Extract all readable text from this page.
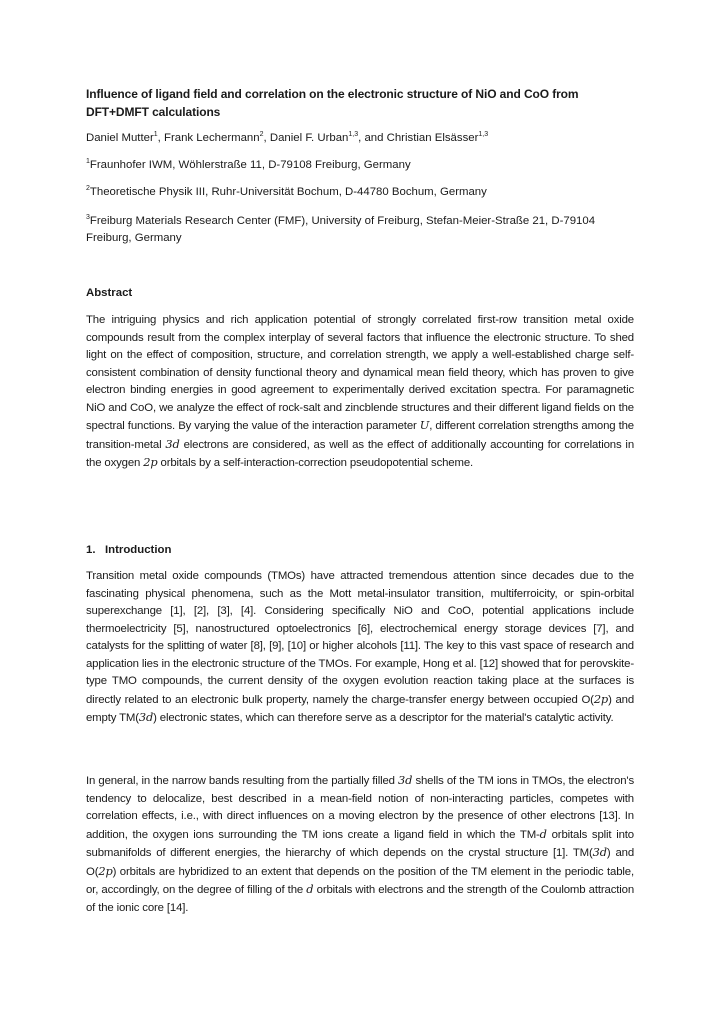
Influence of ligand field and correlation on the electronic structure of NiO and CoO from DFT+DMFT calculations
Daniel Mutter$^1$, Frank Lechermann$^2$, Daniel F. Urban$^{1,3}$, and Christian Elsässer$^{1,3}$
$^1$Fraunhofer IWM, Wöhlerstraße 11, D-79108 Freiburg, Germany
$^2$Theoretische Physik III, Ruhr-Universität Bochum, D-44780 Bochum, Germany
$^3$Freiburg Materials Research Center (FMF), University of Freiburg, Stefan-Meier-Straße 21, D-79104 Freiburg, Germany
Abstract
The intriguing physics and rich application potential of strongly correlated first-row transition metal oxide compounds result from the complex interplay of several factors that influence the electronic structure. To shed light on the effect of composition, structure, and correlation strength, we apply a well-established charge self-consistent combination of density functional theory and dynamical mean field theory, which has proven to give electron binding energies in good agreement to experimentally derived excitation spectra. For paramagnetic NiO and CoO, we analyze the effect of rock-salt and zincblende structures and their different ligand fields on the spectral functions. By varying the value of the interaction parameter U, different correlation strengths among the transition-metal 3d electrons are considered, as well as the effect of additionally accounting for correlations in the oxygen 2p orbitals by a self-interaction-correction pseudopotential scheme.
1. Introduction
Transition metal oxide compounds (TMOs) have attracted tremendous attention since decades due to the fascinating physical phenomena, such as the Mott metal-insulator transition, multiferroicity, or spin-orbital superexchange [1], [2], [3], [4]. Considering specifically NiO and CoO, potential applications include thermoelectricity [5], nanostructured optoelectronics [6], electrochemical energy storage devices [7], and catalysts for the splitting of water [8], [9], [10] or higher alcohols [11]. The key to this vast space of research and application lies in the electronic structure of the TMOs. For example, Hong et al. [12] showed that for perovskite-type TMO compounds, the current density of the oxygen evolution reaction taking place at the surfaces is directly related to an electronic bulk property, namely the charge-transfer energy between occupied O(2p) and empty TM(3d) electronic states, which can therefore serve as a descriptor for the material's catalytic activity.
In general, in the narrow bands resulting from the partially filled 3d shells of the TM ions in TMOs, the electron's tendency to delocalize, best described in a mean-field notion of non-interacting particles, competes with correlation effects, i.e., with direct influences on a moving electron by the presence of other electrons [13]. In addition, the oxygen ions surrounding the TM ions create a ligand field in which the TM-d orbitals split into submanifolds of different energies, the hierarchy of which depends on the crystal structure [1]. TM(3d) and O(2p) orbitals are hybridized to an extent that depends on the position of the TM element in the periodic table, or, accordingly, on the degree of filling of the d orbitals with electrons and the strength of the Coulomb attraction of the ionic core [14].
